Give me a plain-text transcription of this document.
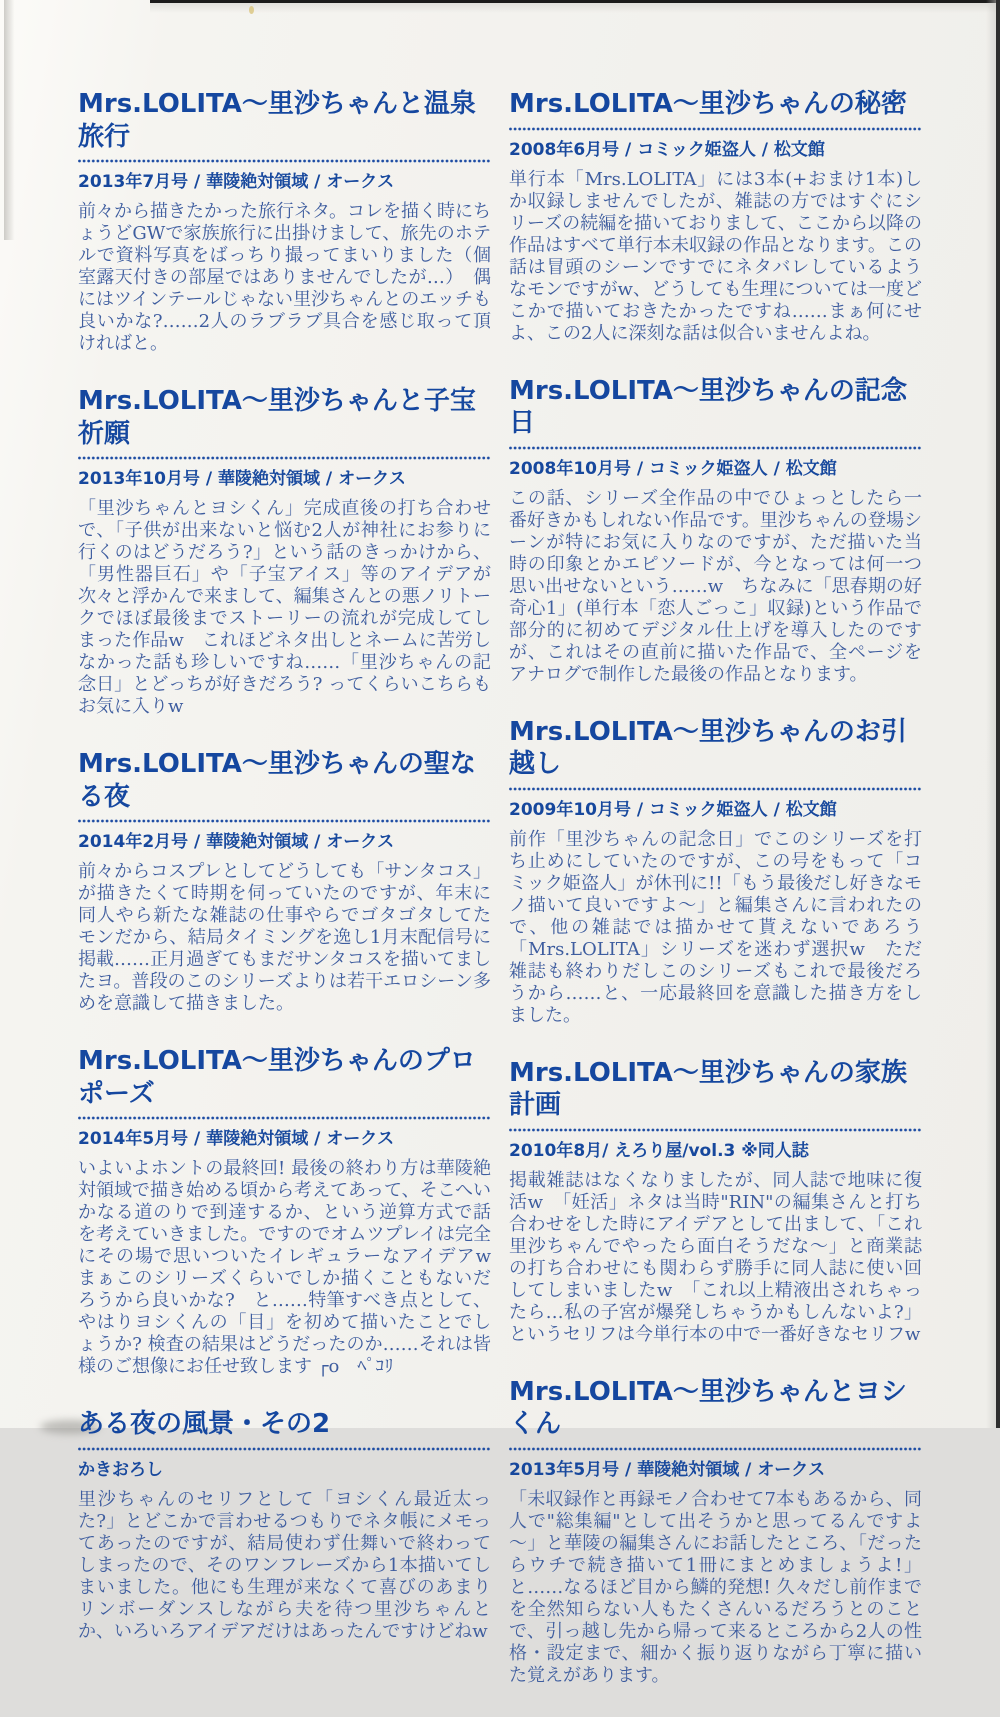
Mrs.LOLITA～里沙ちゃんと温泉旅行
2013年7月号 / 華陵絶対領域 / オークス

前々から描きたかった旅行ネタ。コレを描く時にちょうどGWで家族旅行に出掛けまして、旅先のホテルで資料写真をばっちり撮ってまいりました（個室露天付きの部屋ではありませんでしたが…）　偶にはツインテールじゃない里沙ちゃんとのエッチも良いかな?……2人のラブラブ具合を感じ取って頂ければと。

Mrs.LOLITA～里沙ちゃんと子宝祈願
2013年10月号 / 華陵絶対領域 / オークス

「里沙ちゃんとヨシくん」完成直後の打ち合わせで、「子供が出来ないと悩む2人が神社にお参りに行くのはどうだろう?」という話のきっかけから、「男性器巨石」や「子宝アイス」等のアイデアが次々と浮かんで来まして、編集さんとの悪ノリトークでほぼ最後までストーリーの流れが完成してしまった作品w　これほどネタ出しとネームに苦労しなかった話も珍しいですね……「里沙ちゃんの記念日」とどっちが好きだろう? ってくらいこちらもお気に入りw

Mrs.LOLITA～里沙ちゃんの聖なる夜
2014年2月号 / 華陵絶対領域 / オークス

前々からコスプレとしてどうしても「サンタコス」が描きたくて時期を伺っていたのですが、年末に同人やら新たな雑誌の仕事やらでゴタゴタしてたモンだから、結局タイミングを逸し1月末配信号に掲載……正月過ぎてもまだサンタコスを描いてましたヨ。普段のこのシリーズよりは若干エロシーン多めを意識して描きました。

Mrs.LOLITA～里沙ちゃんのプロポーズ
2014年5月号 / 華陵絶対領域 / オークス

いよいよホントの最終回! 最後の終わり方は華陵絶対領域で描き始める頃から考えてあって、そこへいかなる道のりで到達するか、という逆算方式で話を考えていきました。ですのでオムツプレイは完全にその場で思いついたイレギュラーなアイデアw　まぁこのシリーズくらいでしか描くこともないだろうから良いかな?　と……特筆すべき点として、やはりヨシくんの「目」を初めて描いたことでしょうか? 検査の結果はどうだったのか……それは皆様のご想像にお任せ致します ┌o　ﾍﾟｺﾘ

ある夜の風景・その2
かきおろし

里沙ちゃんのセリフとして「ヨシくん最近太った?」とどこかで言わせるつもりでネタ帳にメモってあったのですが、結局使わず仕舞いで終わってしまったので、そのワンフレーズから1本描いてしまいました。他にも生理が来なくて喜びのあまりリンボーダンスしながら夫を待つ里沙ちゃんとか、いろいろアイデアだけはあったんですけどねw

Mrs.LOLITA～里沙ちゃんの秘密
2008年6月号 / コミック姫盗人 / 松文館

単行本「Mrs.LOLITA」には3本(+おまけ1本)しか収録しませんでしたが、雑誌の方ではすぐにシリーズの続編を描いておりまして、ここから以降の作品はすべて単行本未収録の作品となります。この話は冒頭のシーンですでにネタバレしているようなモンですがw、どうしても生理については一度どこかで描いておきたかったですね……まぁ何にせよ、この2人に深刻な話は似合いませんよね。

Mrs.LOLITA～里沙ちゃんの記念日
2008年10月号 / コミック姫盗人 / 松文館

この話、シリーズ全作品の中でひょっとしたら一番好きかもしれない作品です。里沙ちゃんの登場シーンが特にお気に入りなのですが、ただ描いた当時の印象とかエピソードが、今となっては何一つ思い出せないという……w　ちなみに「思春期の好奇心1」(単行本「恋人ごっこ」収録)という作品で部分的に初めてデジタル仕上げを導入したのですが、これはその直前に描いた作品で、全ページをアナログで制作した最後の作品となります。

Mrs.LOLITA～里沙ちゃんのお引越し
2009年10月号 / コミック姫盗人 / 松文館

前作「里沙ちゃんの記念日」でこのシリーズを打ち止めにしていたのですが、この号をもって「コミック姫盗人」が休刊に!!「もう最後だし好きなモノ描いて良いですよ～」と編集さんに言われたので、他の雑誌では描かせて貰えないであろう「Mrs.LOLITA」シリーズを迷わず選択w　ただ雑誌も終わりだしこのシリーズもこれで最後だろうから……と、一応最終回を意識した描き方をしました。

Mrs.LOLITA～里沙ちゃんの家族計画
2010年8月/ えろり屋/vol.3 ※同人誌

掲載雑誌はなくなりましたが、同人誌で地味に復活w　「妊活」ネタは当時"RIN"の編集さんと打ち合わせをした時にアイデアとして出まして、「これ里沙ちゃんでやったら面白そうだな～」と商業誌の打ち合わせにも関わらず勝手に同人誌に使い回してしまいましたw　「これ以上精液出されちゃったら…私の子宮が爆発しちゃうかもしんないよ?」というセリフは今単行本の中で一番好きなセリフw

Mrs.LOLITA～里沙ちゃんとヨシくん
2013年5月号 / 華陵絶対領域 / オークス

「未収録作と再録モノ合わせて7本もあるから、同人で"総集編"として出そうかと思ってるんですよ～」と華陵の編集さんにお話したところ、「だったらウチで続き描いて1冊にまとめましょうよ!」と……なるほど目から鱗的発想! 久々だし前作までを全然知らない人もたくさんいるだろうとのことで、引っ越し先から帰って来るところから2人の性格・設定まで、細かく振り返りながら丁寧に描いた覚えがあります。
